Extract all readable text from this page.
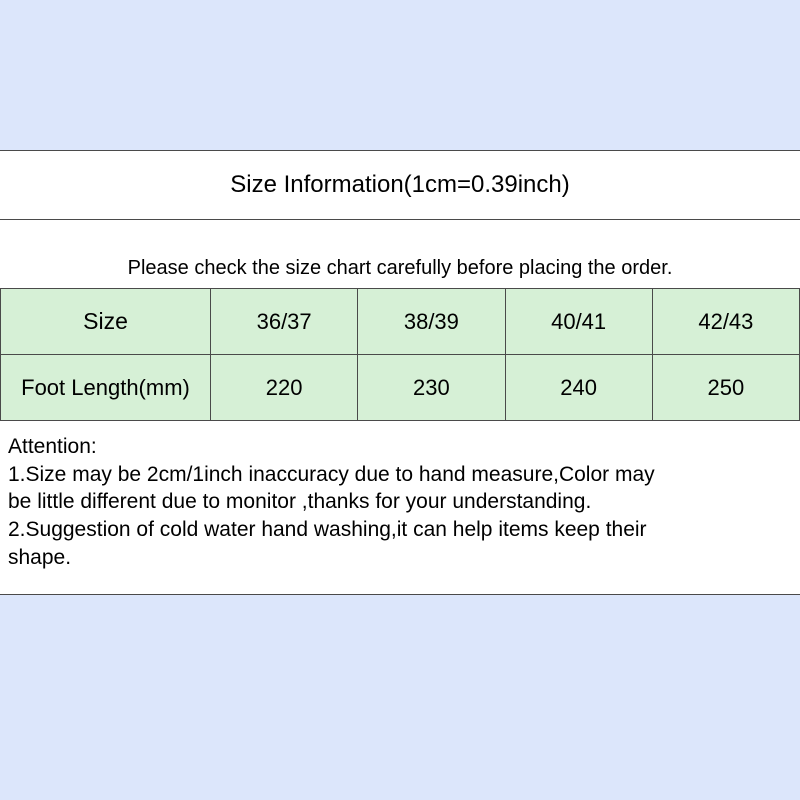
Size Information(1cm=0.39inch)
Please check the size chart carefully before placing the order.
Size	36/37	38/39	40/41	42/43
Foot Length(mm)	220	230	240	250
Attention:
1.Size may be 2cm/1inch inaccuracy due to hand measure,Color may
be little different due to monitor ,thanks for your understanding.
2.Suggestion of cold water hand washing,it can help items keep their
shape.
